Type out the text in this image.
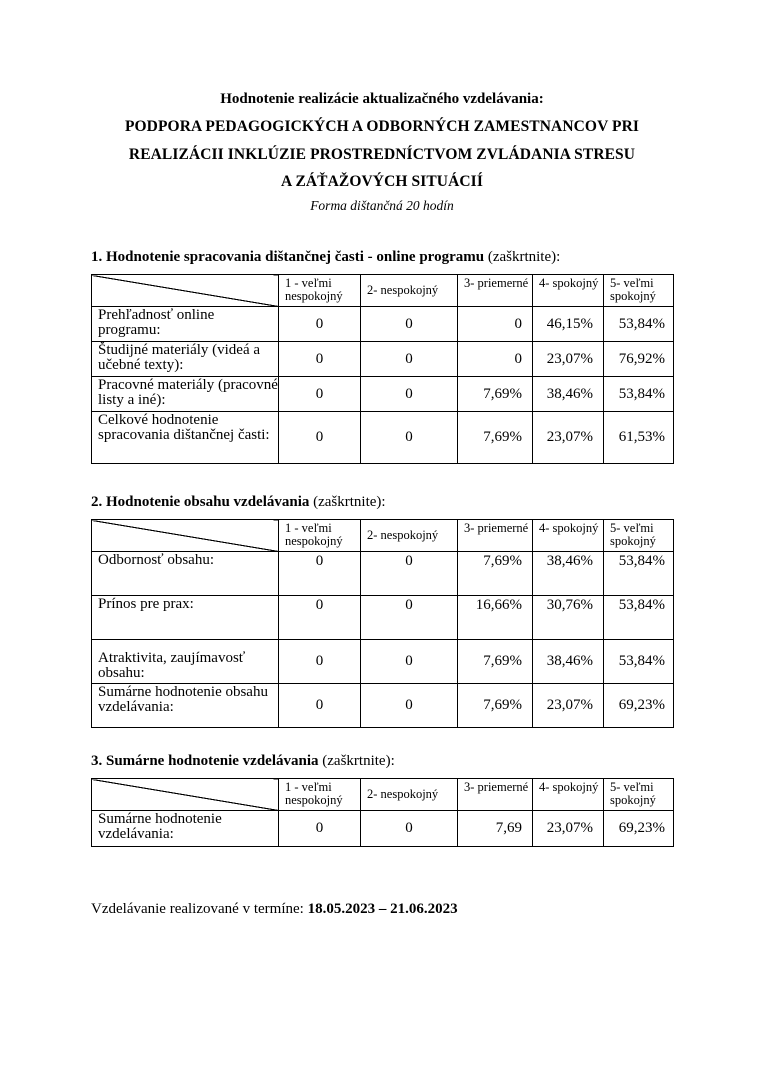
Hodnotenie realizácie aktualizačného vzdelávania:
PODPORA PEDAGOGICKÝCH A ODBORNÝCH ZAMESTNANCOV PRI
REALIZÁCII INKLÚZIE PROSTREDNÍCTVOM ZVLÁDANIA STRESU
A ZÁŤAŽOVÝCH SITUÁCIÍ
Forma dištančná 20 hodín
1. Hodnotenie spracovania dištančnej časti - online programu (zaškrtnite):
	1 - veľmi nespokojný	2- nespokojný	3- priemerné	4- spokojný	5- veľmi spokojný
Prehľadnosť online programu:	0	0	0	46,15%	53,84%
Študijné materiály (videá a učebné texty):	0	0	0	23,07%	76,92%
Pracovné materiály (pracovné listy a iné):	0	0	7,69%	38,46%	53,84%
Celkové hodnotenie spracovania dištančnej časti:	0	0	7,69%	23,07%	61,53%
2. Hodnotenie obsahu vzdelávania (zaškrtnite):
	1 - veľmi nespokojný	2- nespokojný	3- priemerné	4- spokojný	5- veľmi spokojný
Odbornosť obsahu:	0	0	7,69%	38,46%	53,84%
Prínos pre prax:	0	0	16,66%	30,76%	53,84%
Atraktivita, zaujímavosť obsahu:	0	0	7,69%	38,46%	53,84%
Sumárne hodnotenie obsahu vzdelávania:	0	0	7,69%	23,07%	69,23%
3. Sumárne hodnotenie vzdelávania (zaškrtnite):
	1 - veľmi nespokojný	2- nespokojný	3- priemerné	4- spokojný	5- veľmi spokojný
Sumárne hodnotenie vzdelávania:	0	0	7,69	23,07%	69,23%
Vzdelávanie realizované v termíne: 18.05.2023 – 21.06.2023
